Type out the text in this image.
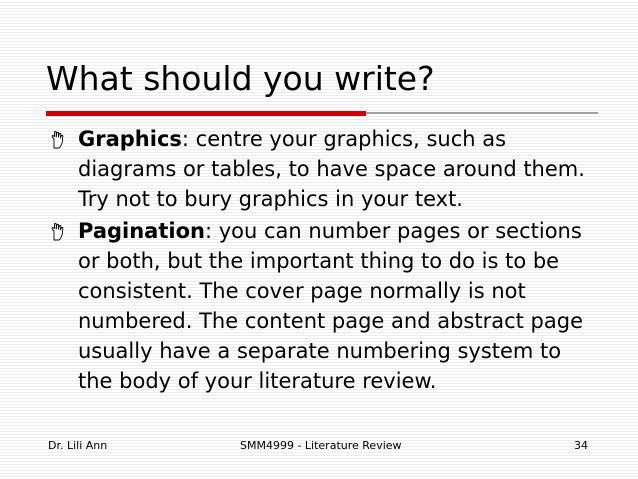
What should you write?
Graphics: centre your graphics, such as diagrams or tables, to have space around them. Try not to bury graphics in your text.
Pagination: you can number pages or sections or both, but the important thing to do is to be consistent. The cover page normally is not numbered. The content page and abstract page usually have a separate numbering system to the body of your literature review.
Dr. Lili Ann	SMM4999 - Literature Review	34
